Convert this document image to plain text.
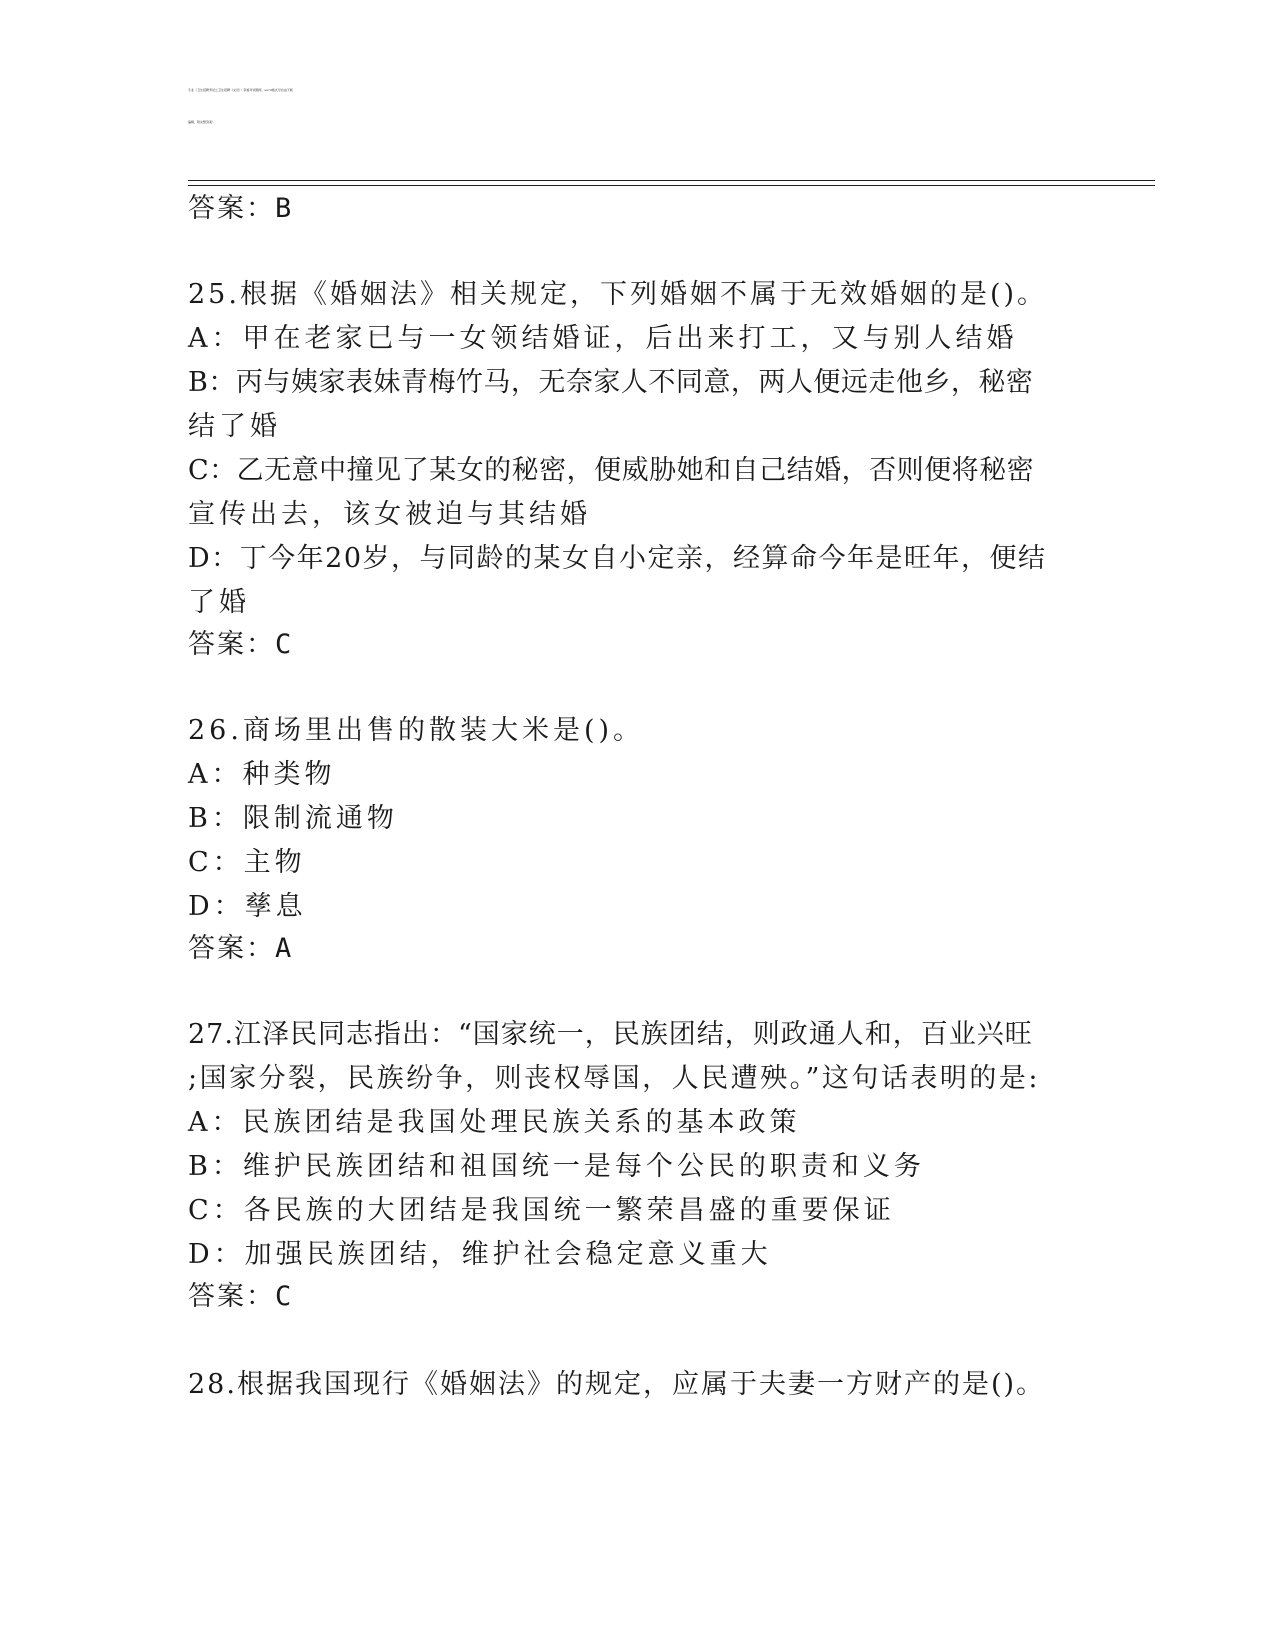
专业《卫生招聘考试之卫生招聘（文员）》资格考试题库，word格式可自由下载
编辑，附完整答案！
答案：B
25.根据《婚姻法》相关规定，下列婚姻不属于无效婚姻的是()。
A：甲在老家已与一女领结婚证，后出来打工，又与别人结婚
B：丙与姨家表妹青梅竹马，无奈家人不同意，两人便远走他乡，秘密
结了婚
C：乙无意中撞见了某女的秘密，便威胁她和自己结婚，否则便将秘密
宣传出去，该女被迫与其结婚
D：丁今年20岁，与同龄的某女自小定亲，经算命今年是旺年，便结
了婚
答案：C
26.商场里出售的散装大米是()。
A：种类物
B：限制流通物
C：主物
D：孳息
答案：A
27.江泽民同志指出：“国家统一，民族团结，则政通人和，百业兴旺
;国家分裂，民族纷争，则丧权辱国，人民遭殃。”这句话表明的是:
A：民族团结是我国处理民族关系的基本政策
B：维护民族团结和祖国统一是每个公民的职责和义务
C：各民族的大团结是我国统一繁荣昌盛的重要保证
D：加强民族团结，维护社会稳定意义重大
答案：C
28.根据我国现行《婚姻法》的规定，应属于夫妻一方财产的是()。
